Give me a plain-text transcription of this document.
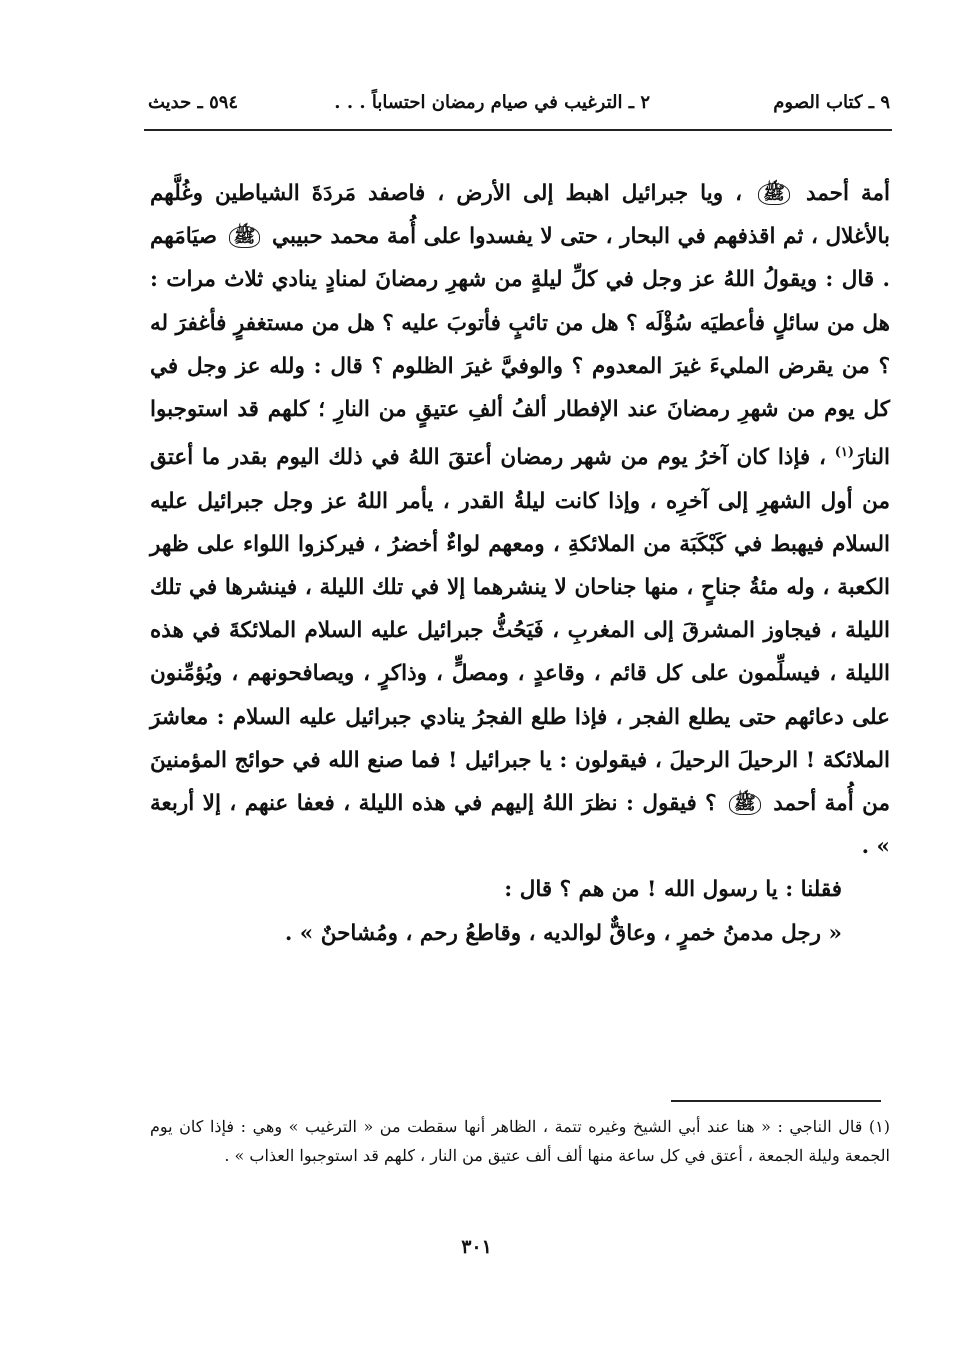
٩ ـ كتاب الصوم
٢ ـ الترغيب في صيام رمضان احتساباً . . .
٥٩٤ ـ حديث

أمة أحمد ﷺ ، ويا جبرائيل اهبط إلى الأرض ، فاصفد مَردَةَ الشياطين وغُلَّهم بالأغلال ، ثم اقذفهم في البحار ، حتى لا يفسدوا على أُمة محمد حبيبي ﷺ صيَامَهم . قال : ويقولُ اللهُ عز وجل في كلِّ ليلةٍ من شهرِ رمضانَ لمنادٍ ينادي ثلاث مرات : هل من سائلٍ فأعطيَه سُؤْلَه ؟ هل من تائبٍ فأتوبَ عليه ؟ هل من مستغفرٍ فأغفرَ له ؟ من يقرض المليءَ غيرَ المعدوم ؟ والوفيَّ غيرَ الظلوم ؟ قال : ولله عز وجل في كل يوم من شهرِ رمضانَ عند الإفطار ألفُ ألفِ عتيقٍ من النارِ ؛ كلهم قد استوجبوا النارَ$^{(١)}$ ، فإذا كان آخرُ يوم من شهر رمضان أعتقَ اللهُ في ذلك اليوم بقدر ما أعتق من أول الشهرِ إلى آخرِه ، وإذا كانت ليلةُ القدر ، يأمر اللهُ عز وجل جبرائيل عليه السلام فيهبط في كَبْكَبَة من الملائكةِ ، ومعهم لواءٌ أخضرُ ، فيركزوا اللواء على ظهر الكعبة ، وله مئةُ جناحٍ ، منها جناحان لا ينشرهما إلا في تلك الليلة ، فينشرها في تلك الليلة ، فيجاوز المشرقَ إلى المغربِ ، فَيَحُثُّ جبرائيل عليه السلام الملائكةَ في هذه الليلة ، فيسلِّمون على كل قائم ، وقاعدٍ ، ومصلٍّ ، وذاكرٍ ، ويصافحونهم ، ويُؤمِّنون على دعائهم حتى يطلع الفجر ، فإذا طلع الفجرُ ينادي جبرائيل عليه السلام : معاشرَ الملائكة ! الرحيلَ الرحيلَ ، فيقولون : يا جبرائيل ! فما صنع الله في حوائج المؤمنينَ من أُمة أحمد ﷺ ؟ فيقول : نظرَ اللهُ إليهم في هذه الليلة ، فعفا عنهم ، إلا أربعة » .

فقلنا : يا رسول الله ! من هم ؟ قال :

« رجل مدمنُ خمرٍ ، وعاقٌّ لوالديه ، وقاطعُ رحم ، ومُشاحنٌ » .

(١) قال الناجي : « هنا عند أبي الشيخ وغيره تتمة ، الظاهر أنها سقطت من « الترغيب » وهي : فإذا كان يوم الجمعة وليلة الجمعة ، أعتق في كل ساعة منها ألف ألف عتيق من النار ، كلهم قد استوجبوا العذاب » .

٣٠١
